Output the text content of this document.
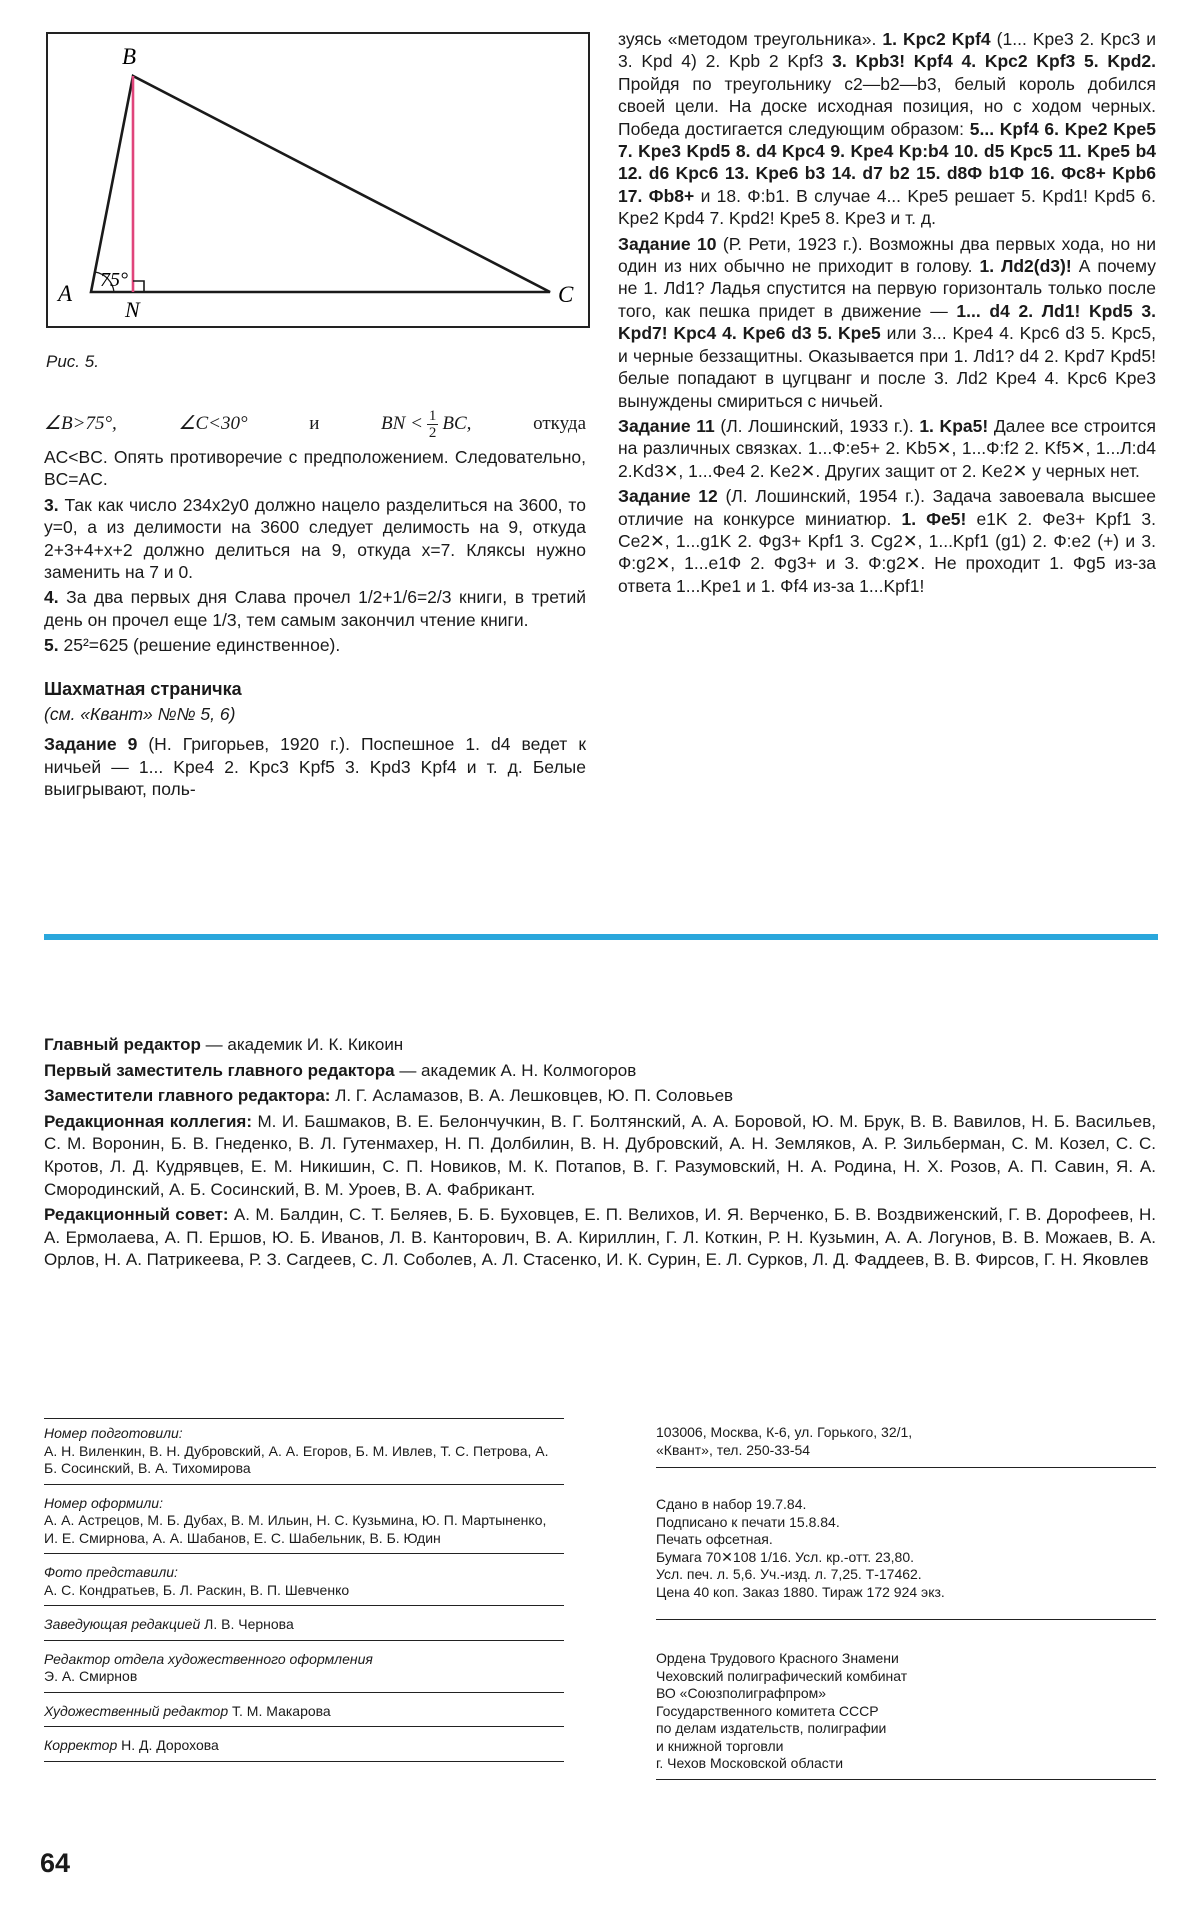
75°
A
B
N
C
Рис. 5.
∠B>75°,	∠C<30°	и	BN < $\frac{1}{2}$ BC,	откуда

AC<BC. Опять противоречие с предположением. Следовательно, BC=AC.

3. Так как число 234x2y0 должно нацело разделиться на 3600, то y=0, а из делимости на 3600 следует делимость на 9, откуда 2+3+4+x+2 должно делиться на 9, откуда x=7. Кляксы нужно заменить на 7 и 0.

4. За два первых дня Слава прочел 1/2+1/6=2/3 книги, в третий день он прочел еще 1/3, тем самым закончил чтение книги.

5. 25²=625 (решение единственное).

Шахматная страничка

(см. «Квант» №№ 5, 6)

Задание 9 (Н. Григорьев, 1920 г.). Поспешное 1. d4 ведет к ничьей — 1... Kpe4 2. Kpc3 Kpf5 3. Kpd3 Kpf4 и т. д. Белые выигрывают, поль-

зуясь «методом треугольника». 1. Kpc2 Kpf4 (1... Kpe3 2. Kpc3 и 3. Kpd 4) 2. Kpb 2 Kpf3 3. Kpb3! Kpf4 4. Kpc2 Kpf3 5. Kpd2. Пройдя по треугольнику c2—b2—b3, белый король добился своей цели. На доске исходная позиция, но с ходом черных. Победа достигается следующим образом: 5... Kpf4 6. Kpe2 Kpe5 7. Kpe3 Kpd5 8. d4 Kpc4 9. Kpe4 Kp:b4 10. d5 Kpc5 11. Kpe5 b4 12. d6 Kpc6 13. Kpe6 b3 14. d7 b2 15. d8Ф b1Ф 16. Фс8+ Kpb6 17. Фb8+ и 18. Ф:b1. В случае 4... Kpe5 решает 5. Kpd1! Kpd5 6. Kpe2 Kpd4 7. Kpd2! Kpe5 8. Kpe3 и т. д.

Задание 10 (Р. Рети, 1923 г.). Возможны два первых хода, но ни один из них обычно не приходит в голову. 1. Лd2(d3)! А почему не 1. Лd1? Ладья спустится на первую горизонталь только после того, как пешка придет в движение — 1... d4 2. Лd1! Kpd5 3. Kpd7! Kpc4 4. Kpe6 d3 5. Kpe5 или 3... Kpe4 4. Kpc6 d3 5. Kpc5, и черные беззащитны. Оказывается при 1. Лd1? d4 2. Kpd7 Kpd5! белые попадают в цугцванг и после 3. Лd2 Kpe4 4. Kpc6 Kpe3 вынуждены смириться с ничьей.

Задание 11 (Л. Лошинский, 1933 г.). 1. Kpa5! Далее все строится на различных связках. 1...Ф:e5+ 2. Kb5✕, 1...Ф:f2 2. Kf5✕, 1...Л:d4 2.Kd3✕, 1...Фe4 2. Ke2✕. Других защит от 2. Ke2✕ у черных нет.

Задание 12 (Л. Лошинский, 1954 г.). Задача завоевала высшее отличие на конкурсе миниатюр. 1. Фe5! e1K 2. Фe3+ Kpf1 3. Ce2✕, 1...g1K 2. Фg3+ Kpf1 3. Cg2✕, 1...Kpf1 (g1) 2. Ф:e2 (+) и 3. Ф:g2✕, 1...e1Ф 2. Фg3+ и 3. Ф:g2✕. Не проходит 1. Фg5 из-за ответа 1...Kpe1 и 1. Фf4 из-за 1...Kpf1!

Главный редактор — академик И. К. Кикоин

Первый заместитель главного редактора — академик А. Н. Колмогоров

Заместители главного редактора: Л. Г. Асламазов, В. А. Лешковцев, Ю. П. Соловьев

Редакционная коллегия: М. И. Башмаков, В. Е. Белончучкин, В. Г. Болтянский, А. А. Боровой, Ю. М. Брук, В. В. Вавилов, Н. Б. Васильев, С. М. Воронин, Б. В. Гнеденко, В. Л. Гутенмахер, Н. П. Долбилин, В. Н. Дубровский, А. Н. Земляков, А. Р. Зильберман, С. М. Козел, С. С. Кротов, Л. Д. Кудрявцев, Е. М. Никишин, С. П. Новиков, М. К. Потапов, В. Г. Разумовский, Н. А. Родина, Н. Х. Розов, А. П. Савин, Я. А. Смородинский, А. Б. Сосинский, В. М. Уроев, В. А. Фабрикант.

Редакционный совет: А. М. Балдин, С. Т. Беляев, Б. Б. Буховцев, Е. П. Велихов, И. Я. Верченко, Б. В. Воздвиженский, Г. В. Дорофеев, Н. А. Ермолаева, А. П. Ершов, Ю. Б. Иванов, Л. В. Канторович, В. А. Кириллин, Г. Л. Коткин, Р. Н. Кузьмин, А. А. Логунов, В. В. Можаев, В. А. Орлов, Н. А. Патрикеева, Р. З. Сагдеев, С. Л. Соболев, А. Л. Стасенко, И. К. Сурин, Е. Л. Сурков, Л. Д. Фаддеев, В. В. Фирсов, Г. Н. Яковлев

Номер подготовили:

А. Н. Виленкин, В. Н. Дубровский, А. А. Егоров, Б. М. Ивлев, Т. С. Петрова, А. Б. Сосинский, В. А. Тихомирова

Номер оформили:

А. А. Астрецов, М. Б. Дубах, В. М. Ильин, Н. С. Кузьмина, Ю. П. Мартыненко, И. Е. Смирнова, А. А. Шабанов, Е. С. Шабельник, В. Б. Юдин

Фото представили:

А. С. Кондратьев, Б. Л. Раскин, В. П. Шевченко

Заведующая редакцией Л. В. Чернова

Редактор отдела художественного оформления

Э. А. Смирнов

Художественный редактор Т. М. Макарова

Корректор Н. Д. Дорохова

103006, Москва, К-6, ул. Горького, 32/1,

«Квант», тел. 250-33-54

Сдано в набор 19.7.84.

Подписано к печати 15.8.84.

Печать офсетная.

Бумага 70✕108 1/16. Усл. кр.-отт. 23,80.

Усл. печ. л. 5,6. Уч.-изд. л. 7,25. Т-17462.

Цена 40 коп. Заказ 1880. Тираж 172 924 экз.

Ордена Трудового Красного Знамени

Чеховский полиграфический комбинат

ВО «Союзполиграфпром»

Государственного комитета СССР

по делам издательств, полиграфии

и книжной торговли

г. Чехов Московской области

64
